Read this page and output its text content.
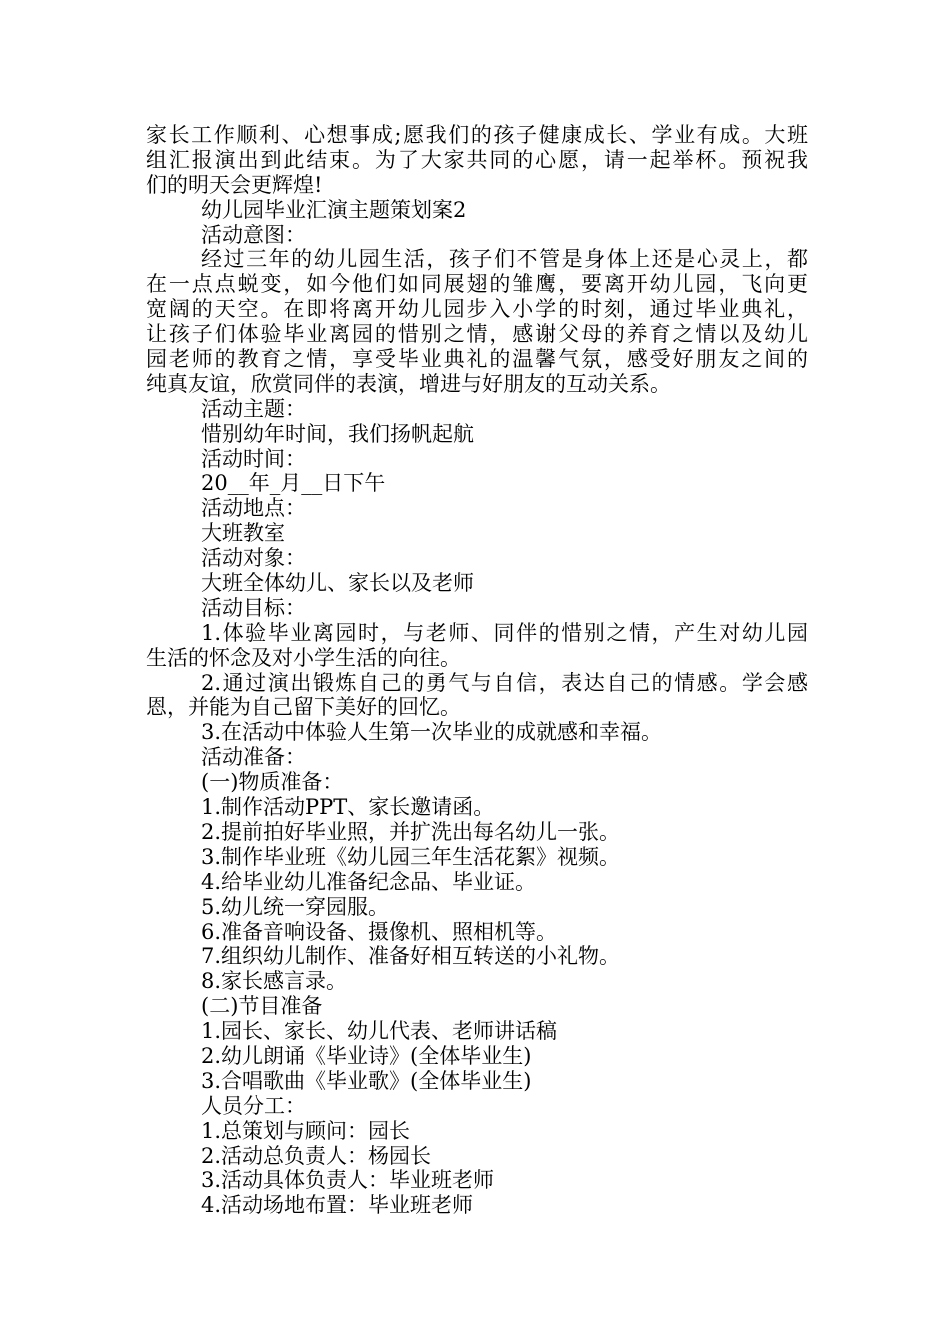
家长工作顺利、心想事成;愿我们的孩子健康成长、学业有成。大班
组汇报演出到此结束。为了大家共同的心愿，请一起举杯。预祝我
们的明天会更辉煌!
幼儿园毕业汇演主题策划案2
活动意图：
经过三年的幼儿园生活，孩子们不管是身体上还是心灵上，都
在一点点蜕变，如今他们如同展翅的雏鹰，要离开幼儿园，飞向更
宽阔的天空。在即将离开幼儿园步入小学的时刻，通过毕业典礼，
让孩子们体验毕业离园的惜别之情，感谢父母的养育之情以及幼儿
园老师的教育之情，享受毕业典礼的温馨气氛，感受好朋友之间的
纯真友谊，欣赏同伴的表演，增进与好朋友的互动关系。
活动主题：
惜别幼年时间，我们扬帆起航
活动时间：
20__年_月__日下午
活动地点：
大班教室
活动对象：
大班全体幼儿、家长以及老师
活动目标：
1.体验毕业离园时，与老师、同伴的惜别之情，产生对幼儿园
生活的怀念及对小学生活的向往。
2.通过演出锻炼自己的勇气与自信，表达自己的情感。学会感
恩，并能为自己留下美好的回忆。
3.在活动中体验人生第一次毕业的成就感和幸福。
活动准备：
(一)物质准备：
1.制作活动PPT、家长邀请函。
2.提前拍好毕业照，并扩洗出每名幼儿一张。
3.制作毕业班《幼儿园三年生活花絮》视频。
4.给毕业幼儿准备纪念品、毕业证。
5.幼儿统一穿园服。
6.准备音响设备、摄像机、照相机等。
7.组织幼儿制作、准备好相互转送的小礼物。
8.家长感言录。
(二)节目准备
1.园长、家长、幼儿代表、老师讲话稿
2.幼儿朗诵《毕业诗》(全体毕业生)
3.合唱歌曲《毕业歌》(全体毕业生)
人员分工：
1.总策划与顾问：园长
2.活动总负责人：杨园长
3.活动具体负责人：毕业班老师
4.活动场地布置：毕业班老师
